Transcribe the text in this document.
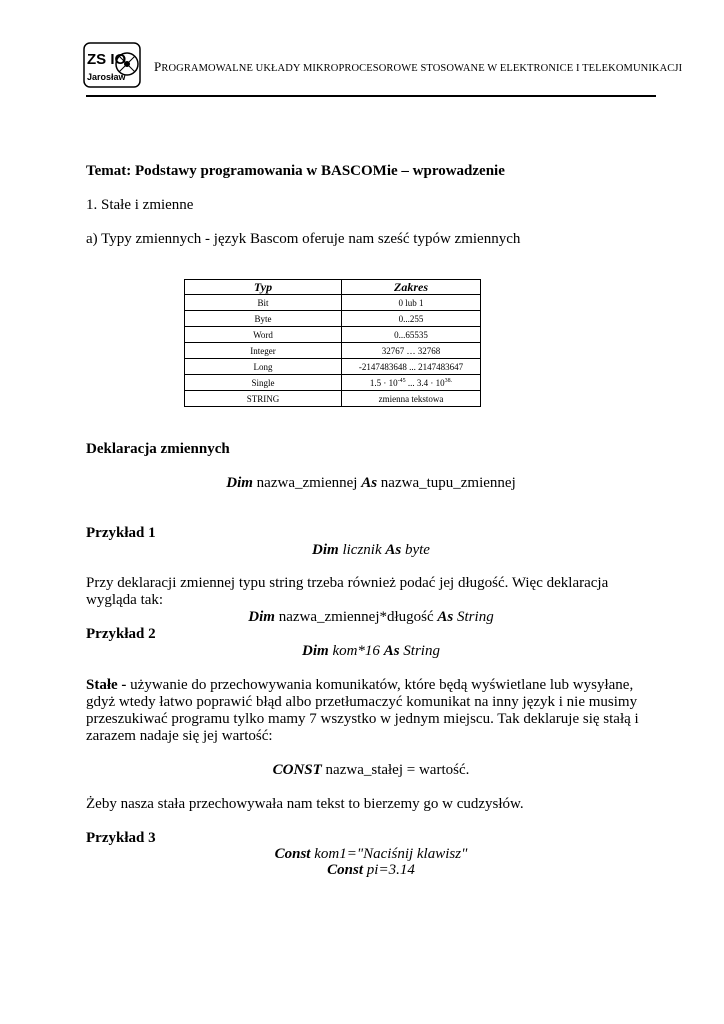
ZS IO
Jarosław
PROGRAMOWALNE UKŁADY MIKROPROCESOROWE STOSOWANE W ELEKTRONICE I TELEKOMUNIKACJI
Temat: Podstawy programowania w BASCOMie – wprowadzenie
1. Stałe i zmienne
a) Typy zmiennych - język Bascom oferuje nam sześć typów zmiennych
Typ	Zakres
Bit	0 lub 1
Byte	0...255
Word	0...65535
Integer	32767 … 32768
Long	-2147483648 ... 2147483647
Single	$1.5 \cdot 10^{-45}$ ... $3.4 \cdot 10^{38.}$
STRING	zmienna tekstowa
Deklaracja zmiennych
Dim nazwa_zmiennej As nazwa_tupu_zmiennej
Przykład 1
Dim licznik As byte
Przy deklaracji zmiennej typu string trzeba również podać jej długość. Więc deklaracja
wygląda tak:
Dim nazwa_zmiennej*długość As String
Przykład 2
Dim kom*16 As String
Stałe - używanie do przechowywania komunikatów, które będą wyświetlane lub wysyłane,
gdyż wtedy łatwo poprawić błąd albo przetłumaczyć komunikat na inny język i nie musimy
przeszukiwać programu tylko mamy 7 wszystko w jednym miejscu. Tak deklaruje się stałą i
zarazem nadaje się jej wartość:
CONST nazwa_stałej = wartość.
Żeby nasza stała przechowywała nam tekst to bierzemy go w cudzysłów.
Przykład 3
Const kom1="Naciśnij klawisz"
Const pi=3.14
